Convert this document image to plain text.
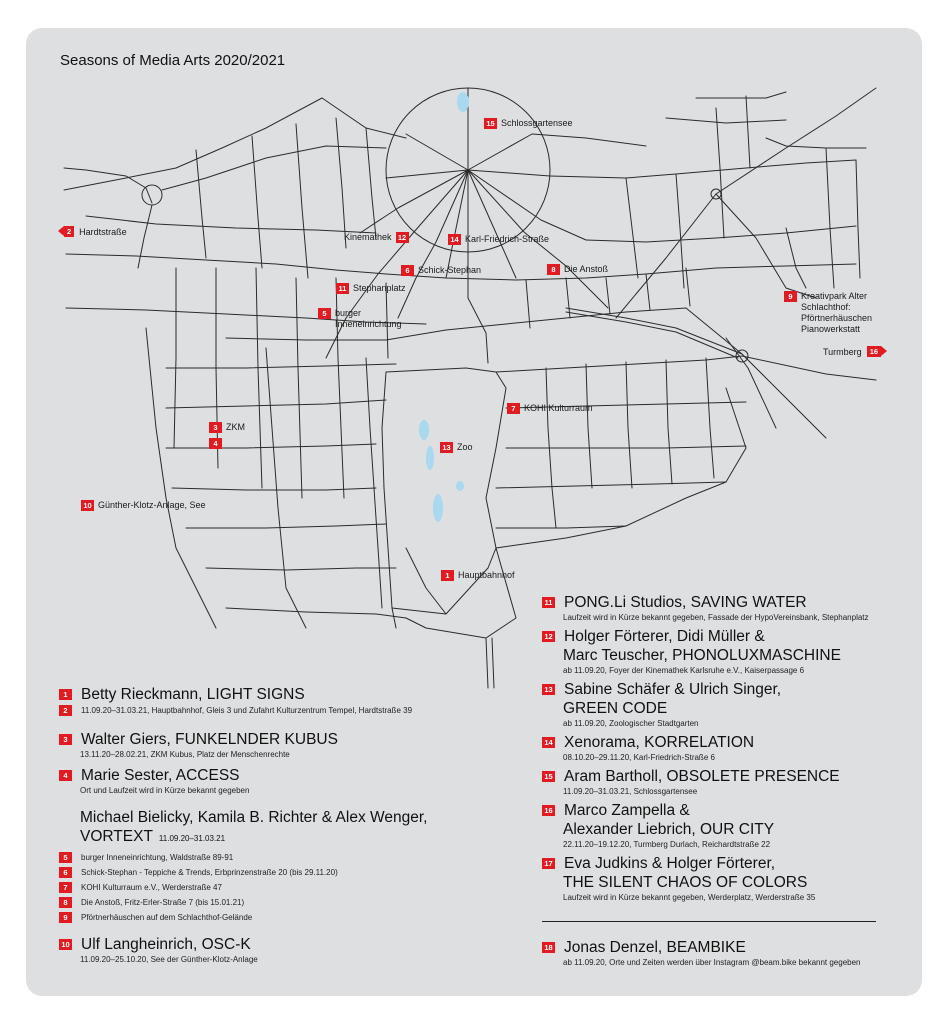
Seasons of Media Arts 2020/2021
15 Schlossgartensee
Kinemathek 12	14 Karl-Friedrich-Straße
6 Schick-Stephan	8 Die Anstoß
11 Stephanplatz
5 burger Inneneinrichtung
9 Kreativpark Alter Schlachthof: Pförtnerhäuschen Pianowerkstatt
7 KOHI Kulturraum
3 ZKM
4	13 Zoo
10 Günther-Klotz-Anlage, See
1 Hauptbahnhof
2 Hardtstraße
Turmberg	16
1 Betty Rieckmann, LIGHT SIGNS
2	11.09.20–31.03.21, Hauptbahnhof, Gleis 3 und Zufahrt Kulturzentrum Tempel, Hardtstraße 39
3 Walter Giers, FUNKELNDER KUBUS
13.11.20–28.02.21, ZKM Kubus, Platz der Menschenrechte
4 Marie Sester, ACCESS
Ort und Laufzeit wird in Kürze bekannt gegeben
Michael Bielicky, Kamila B. Richter & Alex Wenger,
VORTEXT 11.09.20–31.03.21
5	burger Inneneinrichtung, Waldstraße 89-91
6	Schick-Stephan - Teppiche & Trends, Erbprinzenstraße 20 (bis 29.11.20)
7	KOHI Kulturraum e.V., Werderstraße 47
8	Die Anstoß, Fritz-Erler-Straße 7 (bis 15.01.21)
9	Pförtnerhäuschen auf dem Schlachthof-Gelände
10 Ulf Langheinrich, OSC-K
11.09.20–25.10.20, See der Günther-Klotz-Anlage
11 PONG.Li Studios, SAVING WATER
Laufzeit wird in Kürze bekannt gegeben, Fassade der HypoVereinsbank, Stephanplatz
12 Holger Förterer, Didi Müller &
Marc Teuscher, PHONOLUXMASCHINE
ab 11.09.20, Foyer der Kinemathek Karlsruhe e.V., Kaiserpassage 6
13 Sabine Schäfer & Ulrich Singer,
GREEN CODE
ab 11.09.20, Zoologischer Stadtgarten
14 Xenorama, KORRELATION
08.10.20–29.11.20, Karl-Friedrich-Straße 6
15 Aram Bartholl, OBSOLETE PRESENCE
11.09.20–31.03.21, Schlossgartensee
16 Marco Zampella &
Alexander Liebrich, OUR CITY
22.11.20–19.12.20, Turmberg Durlach, Reichardtstraße 22
17 Eva Judkins & Holger Förterer,
THE SILENT CHAOS OF COLORS
Laufzeit wird in Kürze bekannt gegeben, Werderplatz, Werderstraße 35
18 Jonas Denzel, BEAMBIKE
ab 11.09.20, Orte und Zeiten werden über Instagram @beam.bike bekannt gegeben
